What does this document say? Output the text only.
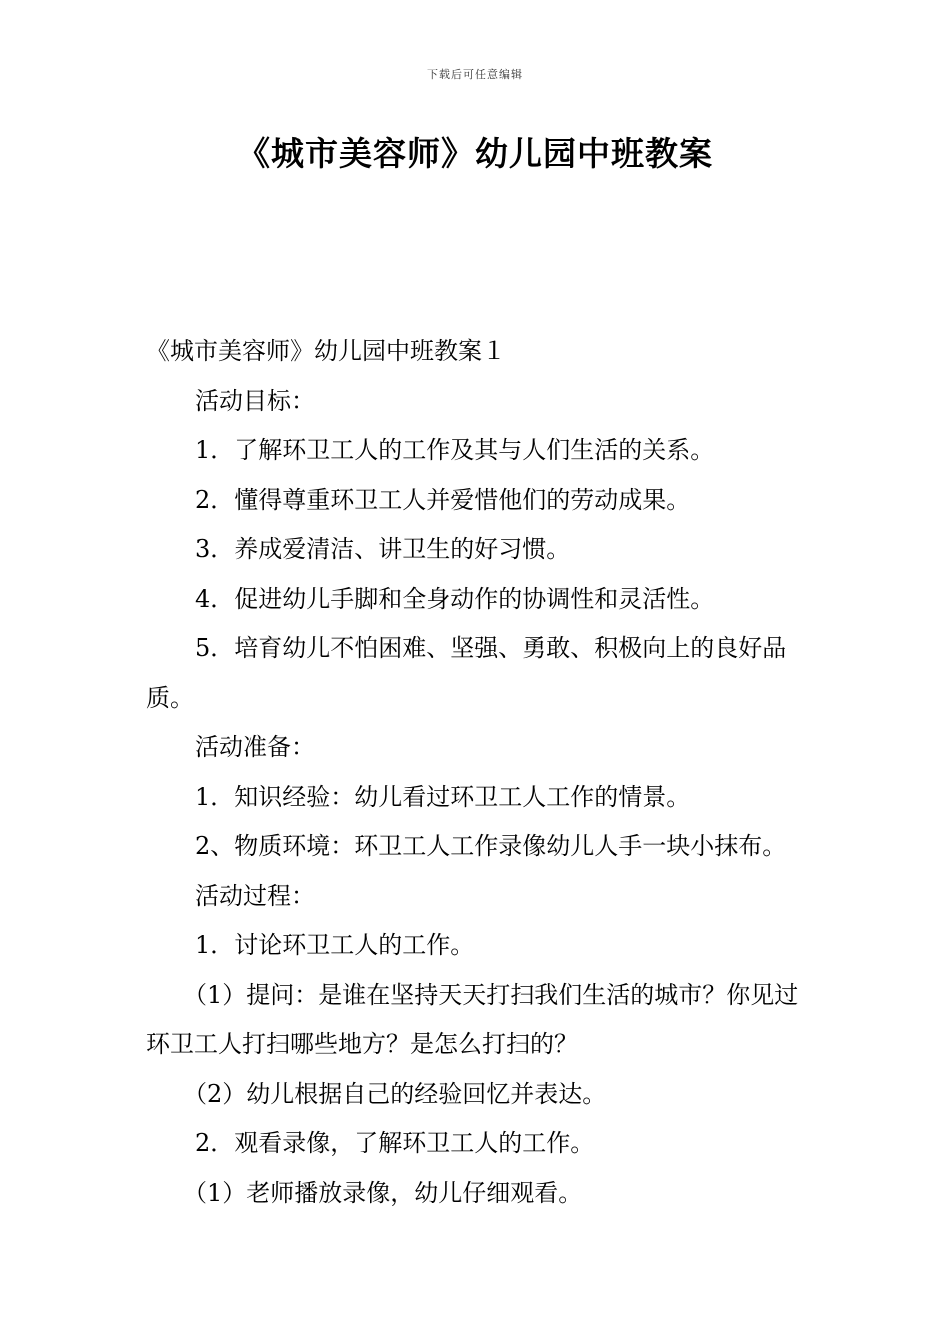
下载后可任意编辑
《城市美容师》幼儿园中班教案

《城市美容师》幼儿园中班教案１

活动目标：

1．了解环卫工人的工作及其与人们生活的关系。

2．懂得尊重环卫工人并爱惜他们的劳动成果。

3．养成爱清洁、讲卫生的好习惯。

4．促进幼儿手脚和全身动作的协调性和灵活性。

5．培育幼儿不怕困难、坚强、勇敢、积极向上的良好品质。

活动准备：

1．知识经验：幼儿看过环卫工人工作的情景。

2、物质环境：环卫工人工作录像幼儿人手一块小抹布。

活动过程：

1．讨论环卫工人的工作。

（1）提问：是谁在坚持天天打扫我们生活的城市？你见过环卫工人打扫哪些地方？是怎么打扫的？

（2）幼儿根据自己的经验回忆并表达。

2．观看录像，了解环卫工人的工作。

（1）老师播放录像，幼儿仔细观看。
